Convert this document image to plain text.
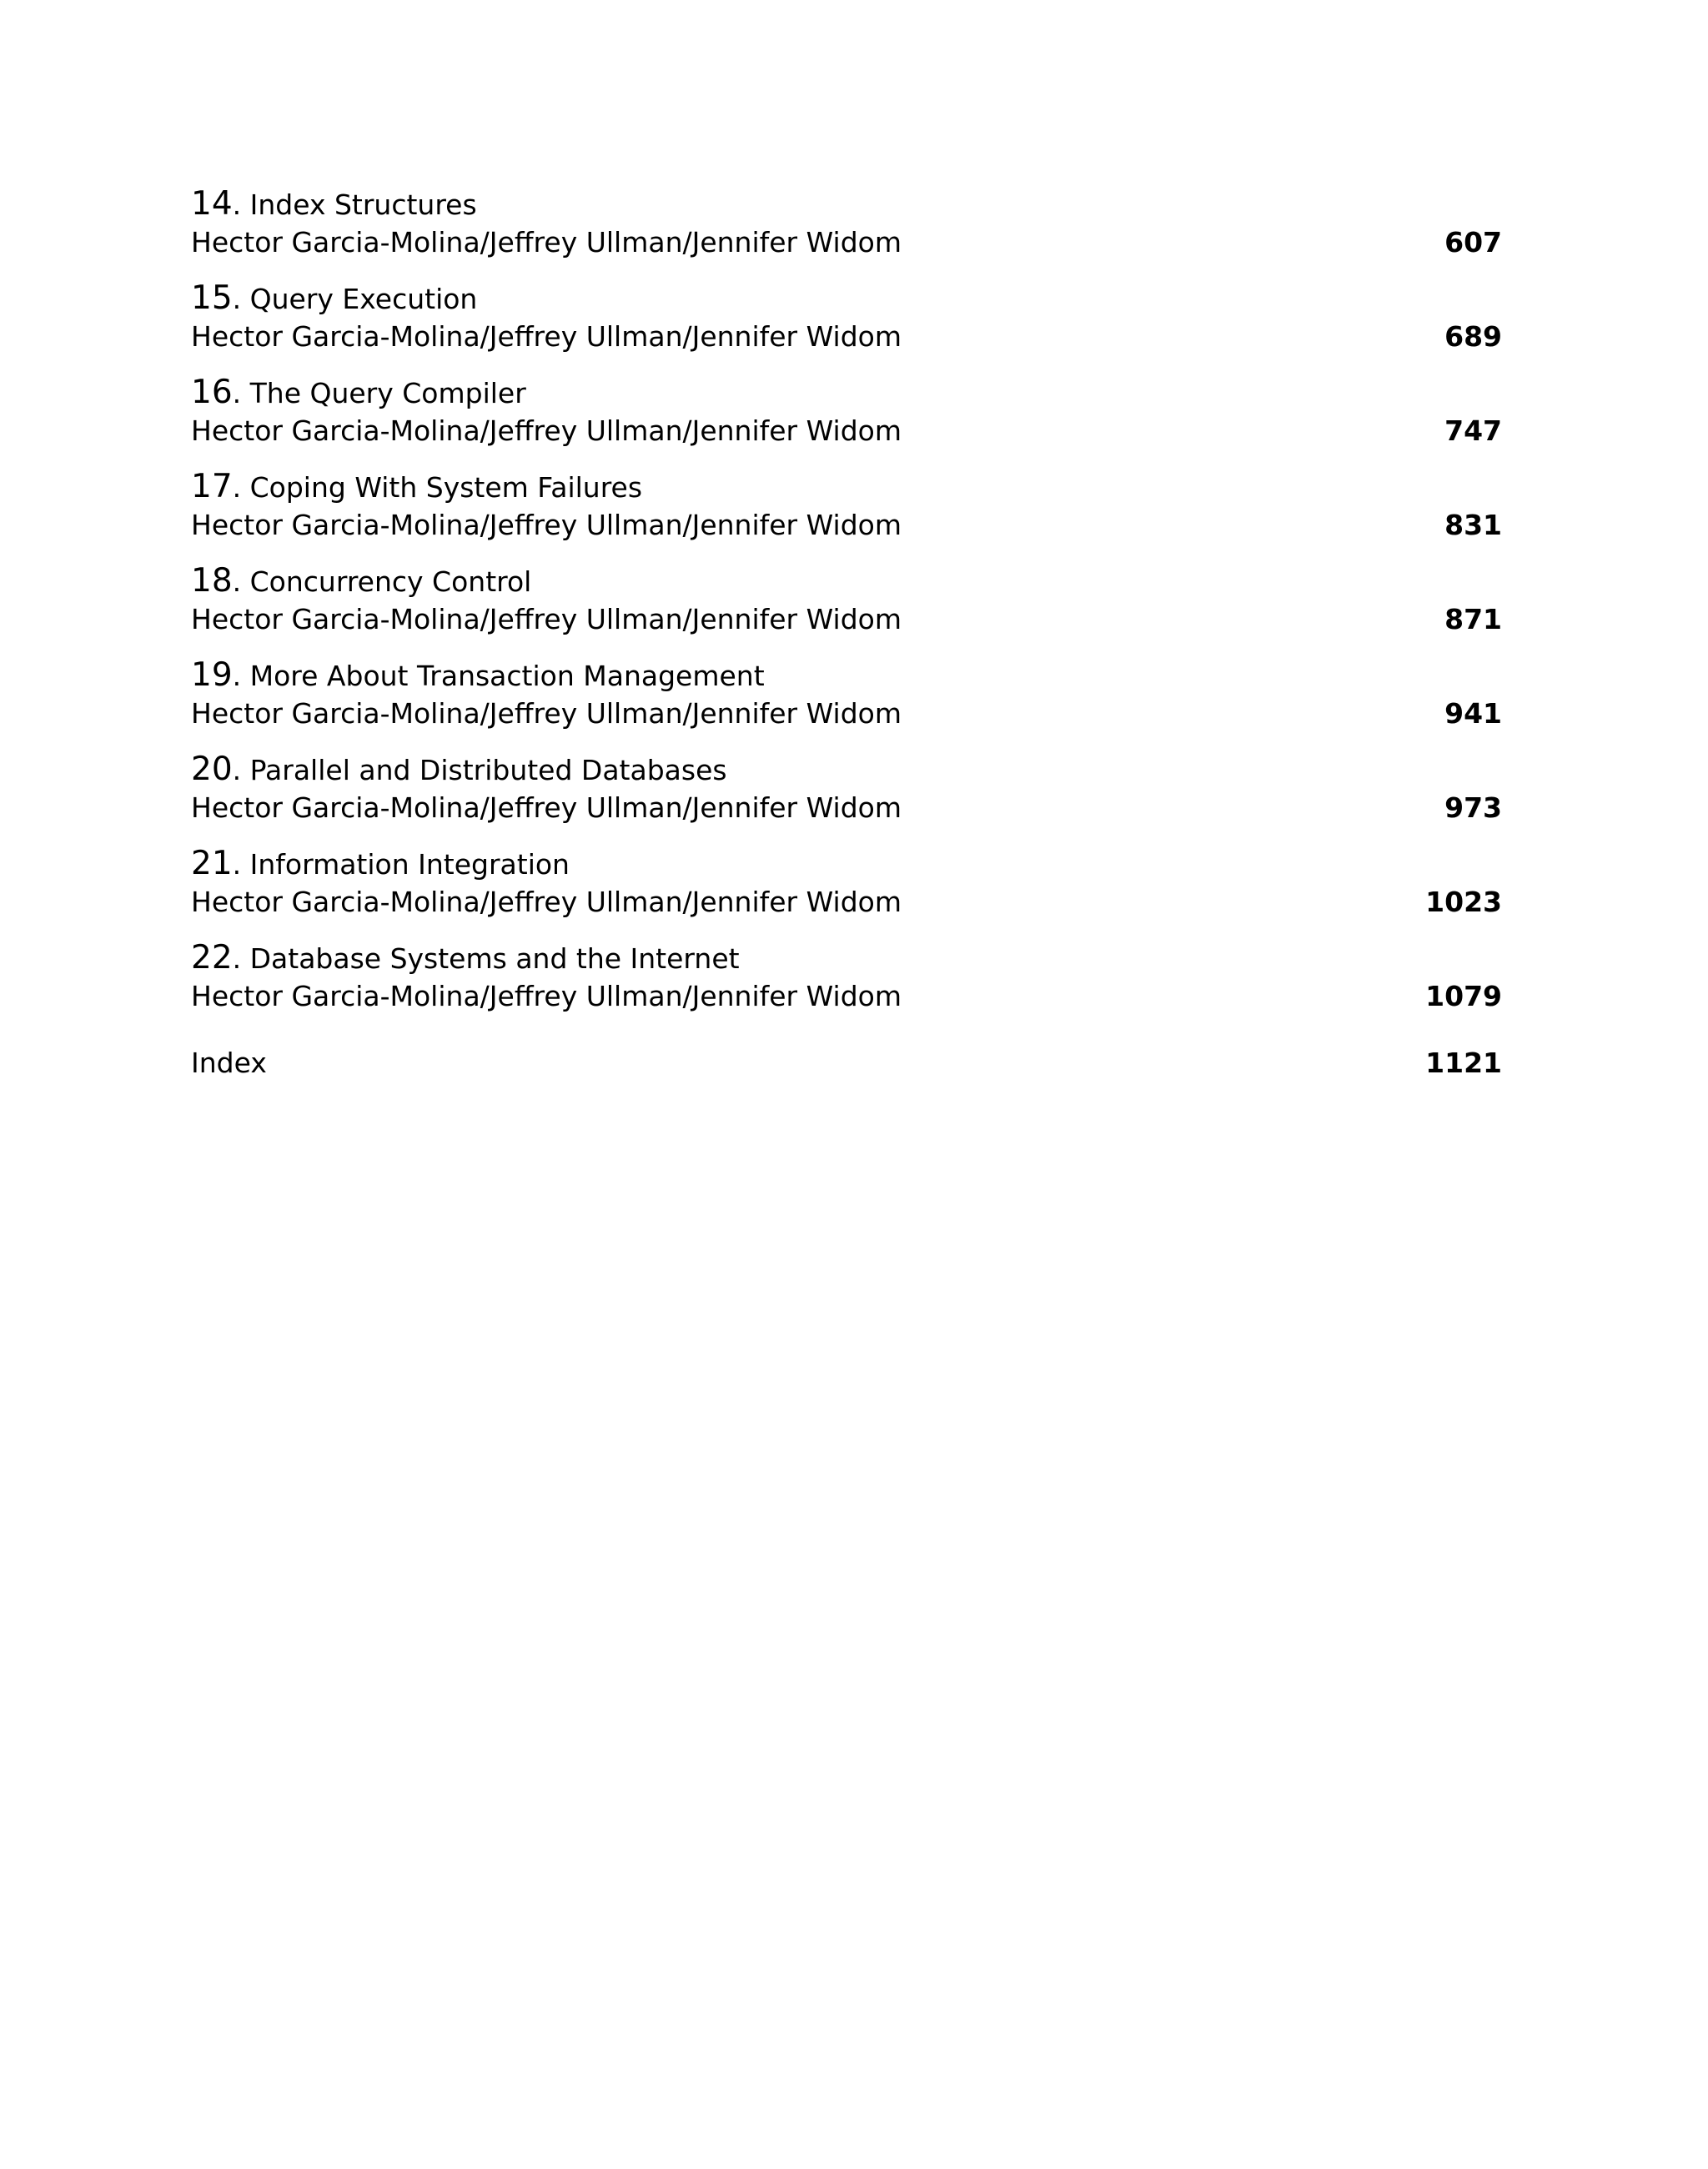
14. Index Structures
Hector Garcia-Molina/Jeffrey Ullman/Jennifer Widom	607
15. Query Execution
Hector Garcia-Molina/Jeffrey Ullman/Jennifer Widom	689
16. The Query Compiler
Hector Garcia-Molina/Jeffrey Ullman/Jennifer Widom	747
17. Coping With System Failures
Hector Garcia-Molina/Jeffrey Ullman/Jennifer Widom	831
18. Concurrency Control
Hector Garcia-Molina/Jeffrey Ullman/Jennifer Widom	871
19. More About Transaction Management
Hector Garcia-Molina/Jeffrey Ullman/Jennifer Widom	941
20. Parallel and Distributed Databases
Hector Garcia-Molina/Jeffrey Ullman/Jennifer Widom	973
21. Information Integration
Hector Garcia-Molina/Jeffrey Ullman/Jennifer Widom	1023
22. Database Systems and the Internet
Hector Garcia-Molina/Jeffrey Ullman/Jennifer Widom	1079
Index	1121
